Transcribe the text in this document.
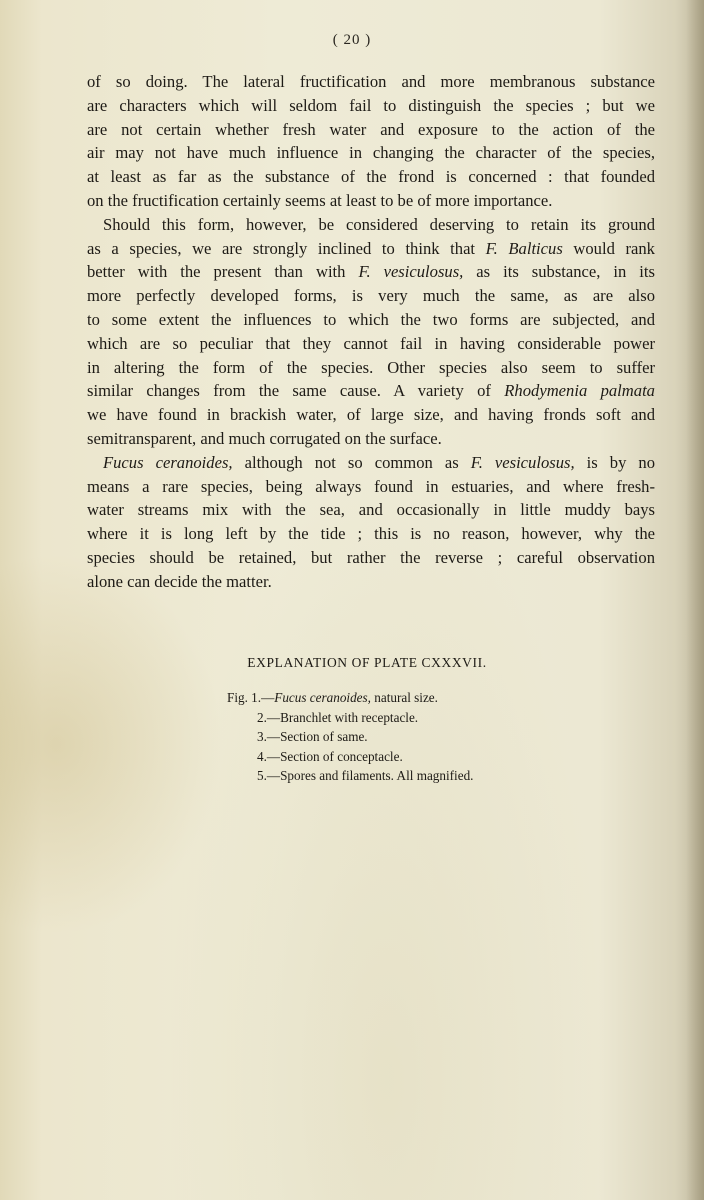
( 20 )

of so doing. The lateral fructification and more membranous substance
are characters which will seldom fail to distinguish the species ; but we
are not certain whether fresh water and exposure to the action of the
air may not have much influence in changing the character of the species,
at least as far as the substance of the frond is concerned : that founded
on the fructification certainly seems at least to be of more importance.

Should this form, however, be considered deserving to retain its ground
as a species, we are strongly inclined to think that F. Balticus would rank
better with the present than with F. vesiculosus, as its substance, in its
more perfectly developed forms, is very much the same, as are also
to some extent the influences to which the two forms are subjected, and
which are so peculiar that they cannot fail in having considerable power
in altering the form of the species. Other species also seem to suffer
similar changes from the same cause. A variety of Rhodymenia palmata
we have found in brackish water, of large size, and having fronds soft and
semitransparent, and much corrugated on the surface.

Fucus ceranoides, although not so common as F. vesiculosus, is by no
means a rare species, being always found in estuaries, and where fresh-
water streams mix with the sea, and occasionally in little muddy bays
where it is long left by the tide ; this is no reason, however, why the
species should be retained, but rather the reverse ; careful observation
alone can decide the matter.

EXPLANATION OF PLATE CXXXVII.
Fig. 1.—Fucus ceranoides, natural size.
2.—Branchlet with receptacle.
3.—Section of same.
4.—Section of conceptacle.
5.—Spores and filaments. All magnified.
